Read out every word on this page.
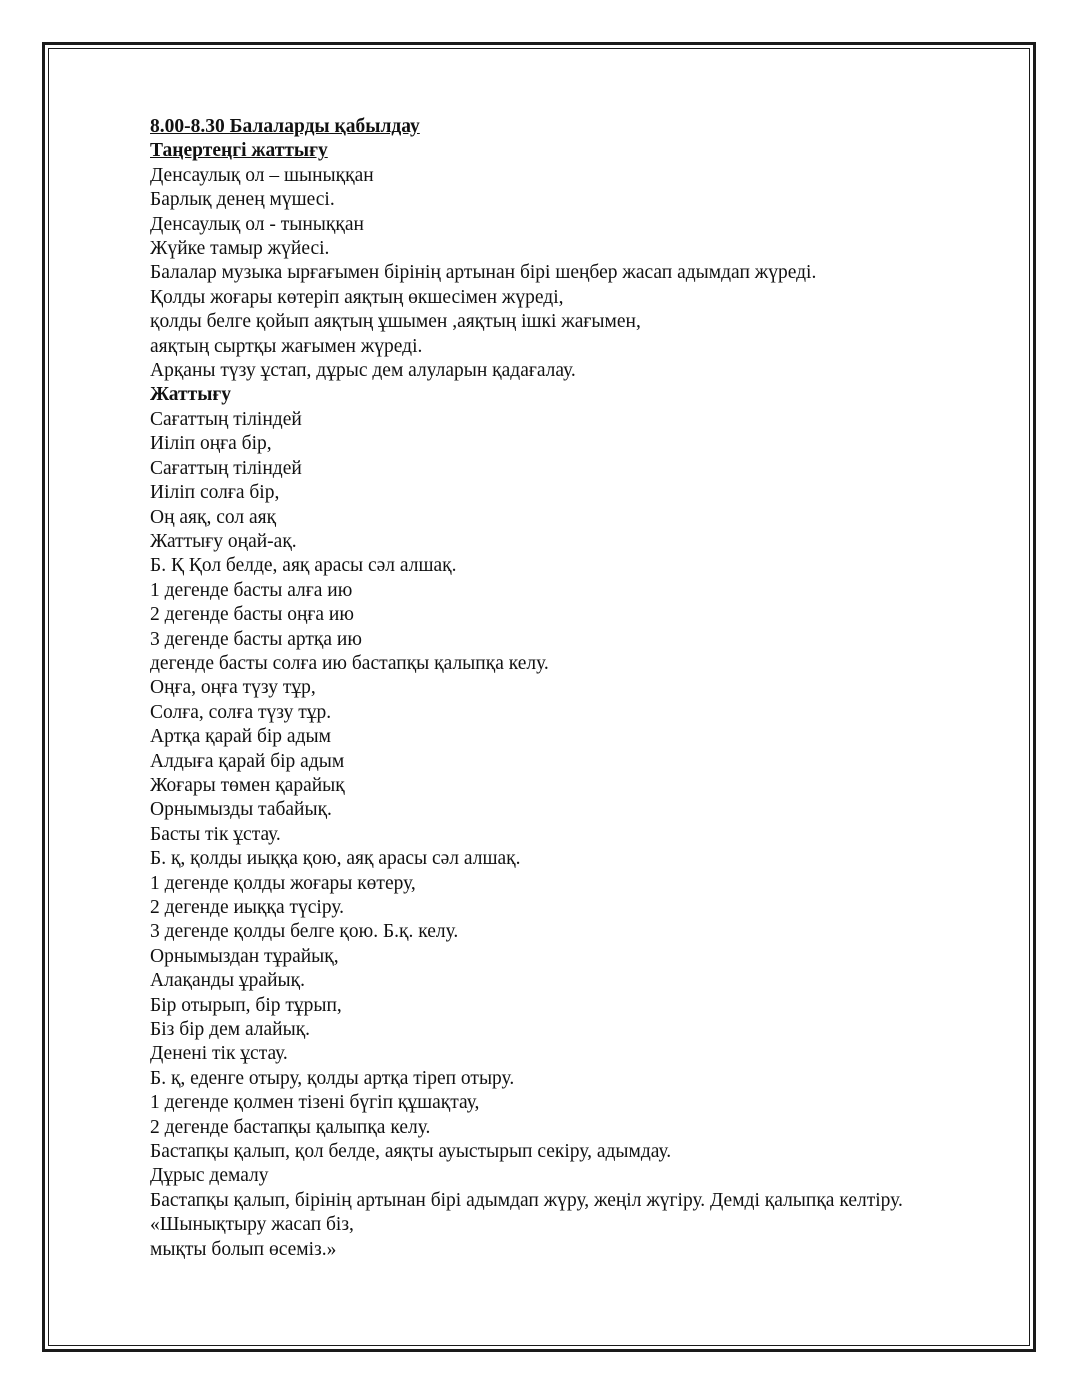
8.00-8.30 Балаларды қабылдау
Таңертеңгі жаттығу
Денсаулық ол – шыныққан
Барлық денең мүшесі.
Денсаулық ол - тыныққан
Жүйке тамыр жүйесі.
Балалар музыка ырғағымен бірінің артынан бірі шеңбер жасап адымдап жүреді.
Қолды жоғары көтеріп аяқтың өкшесімен жүреді,
қолды белге қойып аяқтың ұшымен ,аяқтың ішкі жағымен,
аяқтың сыртқы жағымен жүреді.
Арқаны түзу ұстап, дұрыс дем алуларын қадағалау.
Жаттығу
Сағаттың тіліндей
Иіліп оңға бір,
Сағаттың тіліндей
Иіліп солға бір,
Оң аяқ, сол аяқ
Жаттығу оңай-ақ.
Б. Қ Қол белде, аяқ арасы сәл алшақ.
1 дегенде басты алға ию
2 дегенде басты оңға ию
3 дегенде басты артқа ию
дегенде басты солға ию бастапқы қалыпқа келу.
Оңға, оңға түзу тұр,
Солға, солға түзу тұр.
Артқа қарай бір адым
Алдыға қарай бір адым
Жоғары төмен қарайық
Орнымызды табайық.
Басты тік ұстау.
Б. қ, қолды иыққа қою, аяқ арасы сәл алшақ.
1 дегенде қолды жоғары көтеру,
2 дегенде иыққа түсіру.
3 дегенде қолды белге қою. Б.қ. келу.
Орнымыздан тұрайық,
Алақанды ұрайық.
Бір отырып, бір тұрып,
Біз бір дем алайық.
Денені тік ұстау.
Б. қ, еденге отыру, қолды артқа тіреп отыру.
1 дегенде қолмен тізені бүгіп құшақтау,
2 дегенде бастапқы қалыпқа келу.
Бастапқы қалып, қол белде, аяқты ауыстырып секіру, адымдау.
Дұрыс демалу
Бастапқы қалып, бірінің артынан бірі адымдап жүру, жеңіл жүгіру. Демді қалыпқа келтіру.
«Шынықтыру жасап біз,
мықты болып өсеміз.»
